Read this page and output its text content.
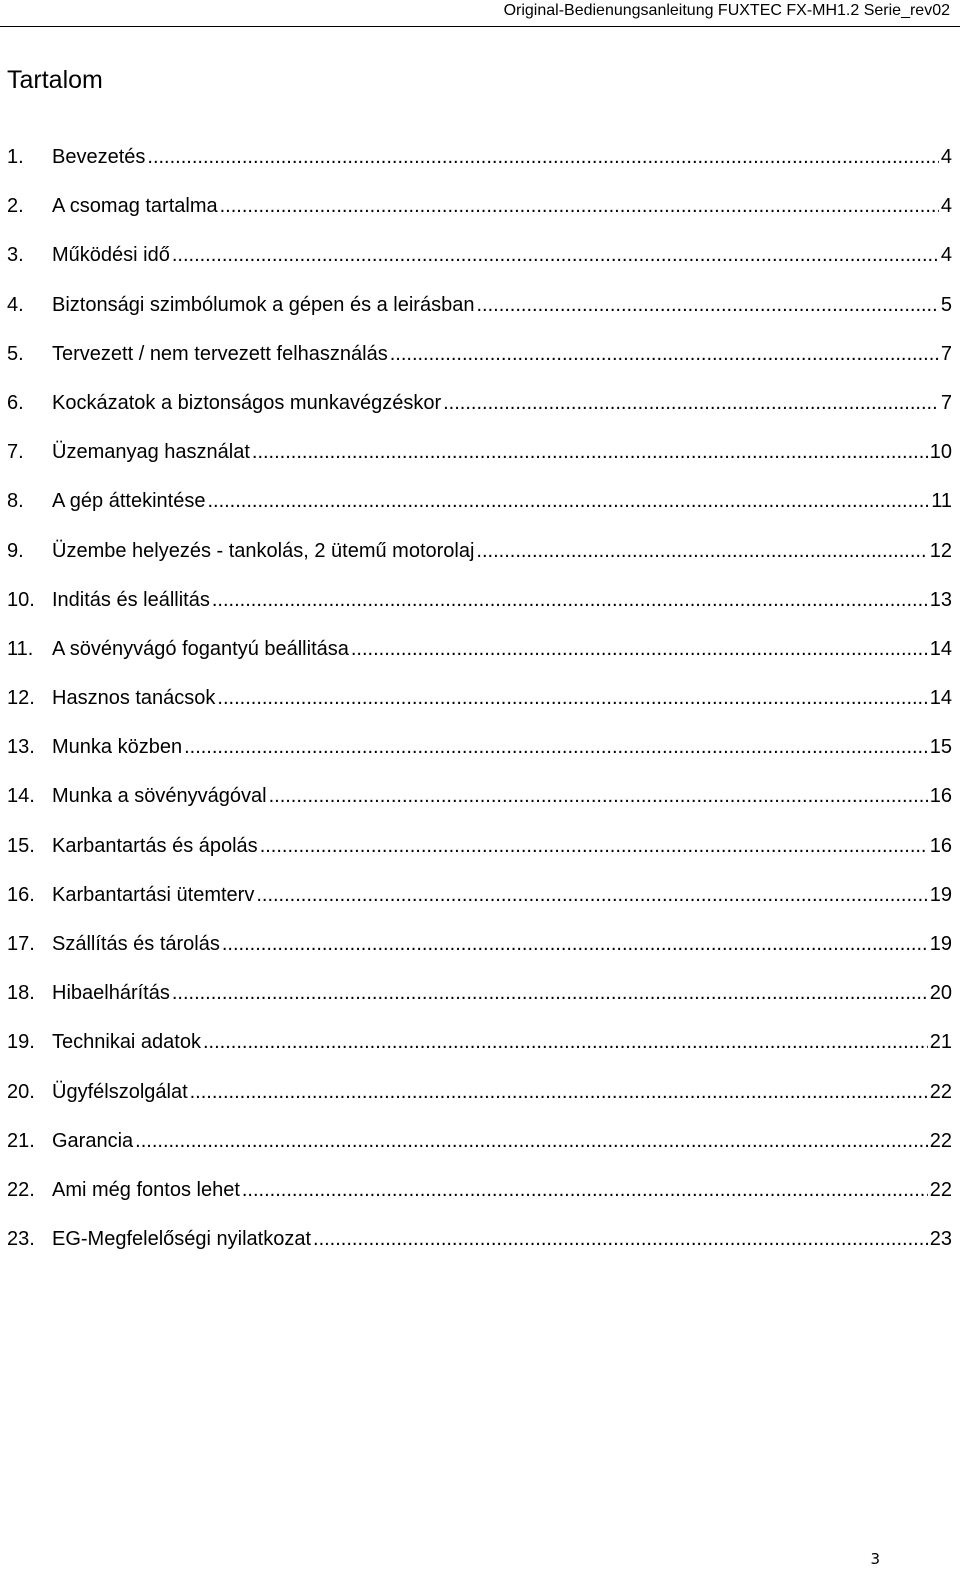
Original-Bedienungsanleitung FUXTEC FX-MH1.2 Serie_rev02
Tartalom
1.	Bevezetés .....	4
2.	A csomag tartalma .....	4
3.	Működési idő .....	4
4.	Biztonsági szimbólumok a gépen és a leirásban .....	5
5.	Tervezett / nem tervezett felhasználás .....	7
6.	Kockázatok a biztonságos munkavégzéskor .....	7
7.	Üzemanyag használat .....	10
8.	A gép áttekintése .....	11
9.	Üzembe helyezés - tankolás, 2 ütemű motorolaj .....	12
10. Inditás és leállitás .....	13
11. A sövényvágó fogantyú beállitása .....	14
12. Hasznos tanácsok .....	14
13. Munka közben .....	15
14. Munka a sövényvágóval .....	16
15. Karbantartás és ápolás .....	16
16. Karbantartási ütemterv .....	19
17. Szállítás és tárolás .....	19
18. Hibaelhárítás .....	20
19. Technikai adatok .....	21
20. Ügyfélszolgálat .....	22
21. Garancia .....	22
22. Ami még fontos lehet .....	22
23. EG-Megfelelőségi nyilatkozat .....	23
3
